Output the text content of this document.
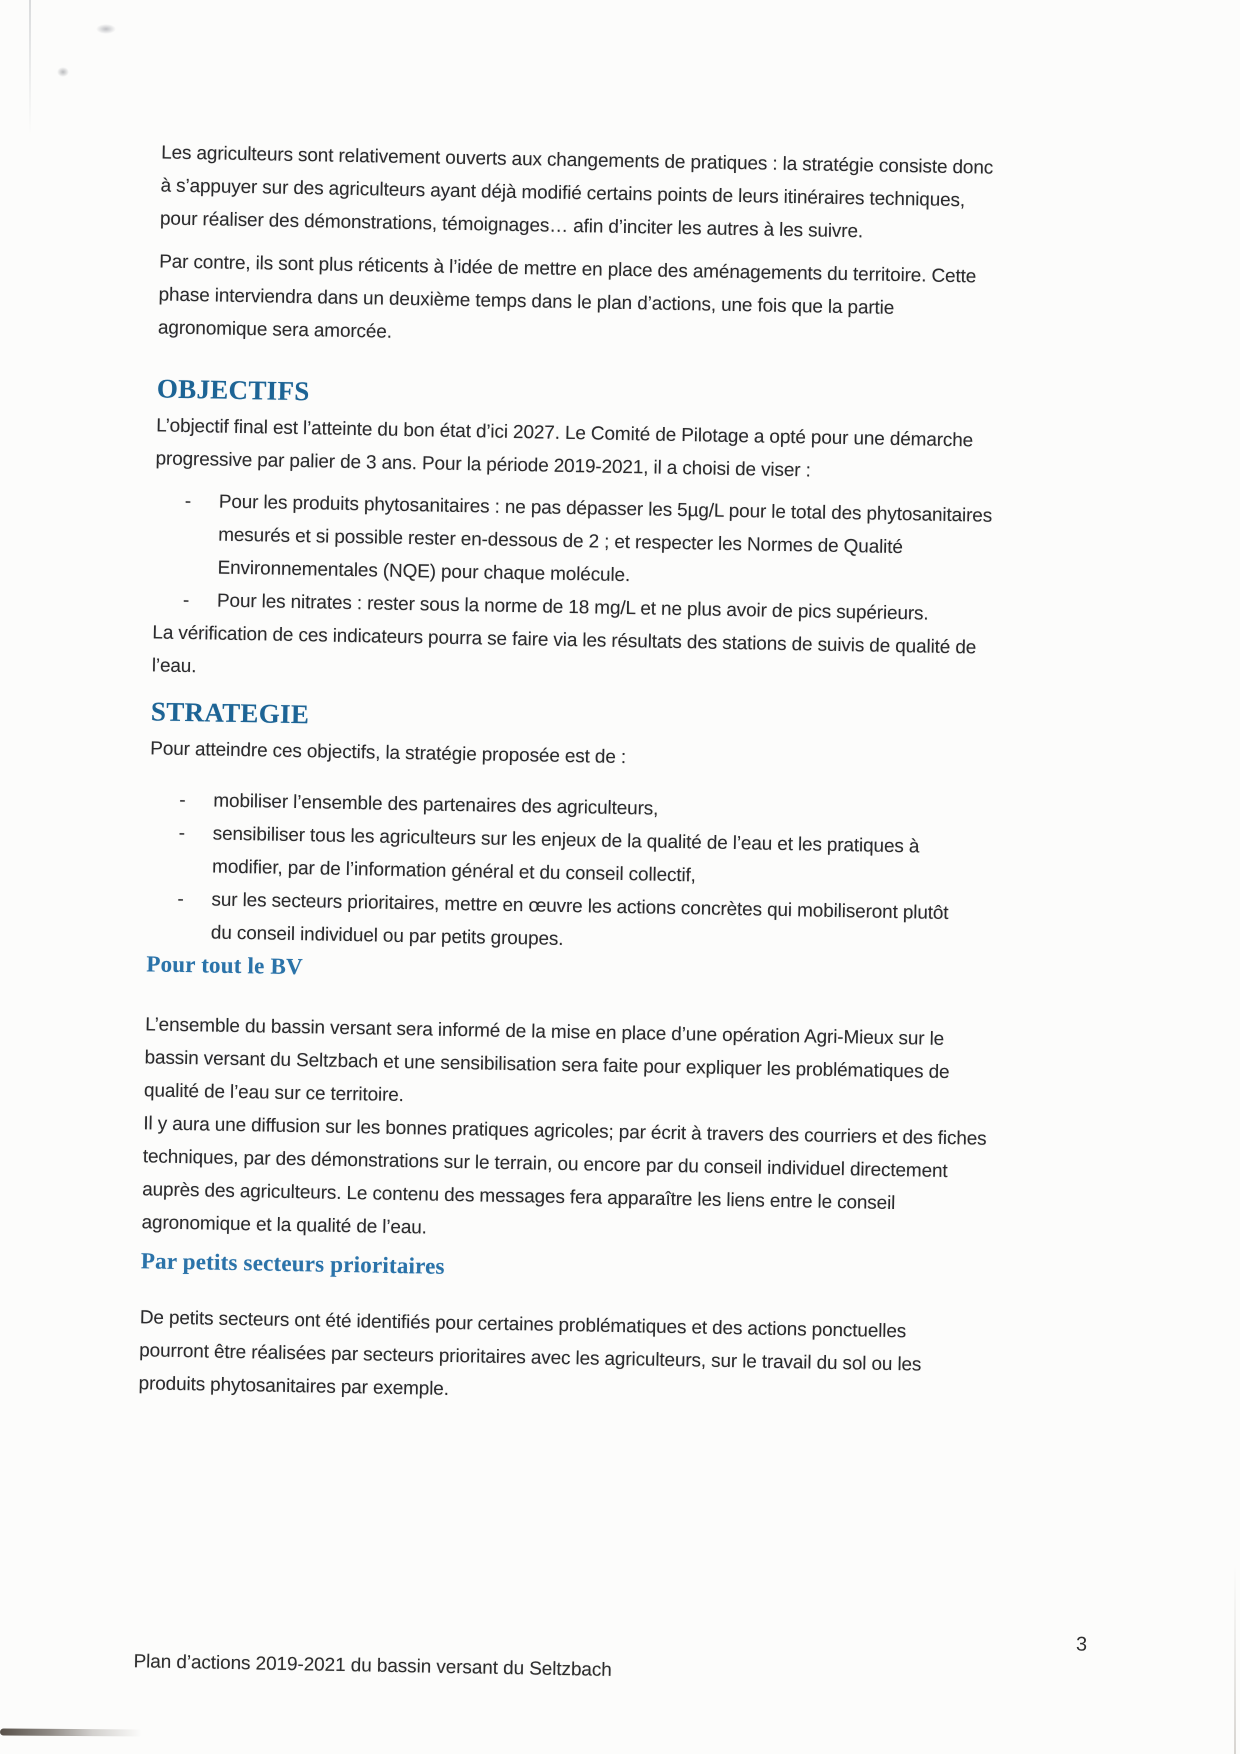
Les agriculteurs sont relativement ouverts aux changements de pratiques : la stratégie consiste donc
à s’appuyer sur des agriculteurs ayant déjà modifié certains points de leurs itinéraires techniques,
pour réaliser des démonstrations, témoignages… afin d’inciter les autres à les suivre.
Par contre, ils sont plus réticents à l’idée de mettre en place des aménagements du territoire. Cette
phase interviendra dans un deuxième temps dans le plan d’actions, une fois que la partie
agronomique sera amorcée.
OBJECTIFS
L’objectif final est l’atteinte du bon état d’ici 2027. Le Comité de Pilotage a opté pour une démarche
progressive par palier de 3 ans. Pour la période 2019-2021, il a choisi de viser :
-	Pour les produits phytosanitaires : ne pas dépasser les 5µg/L pour le total des phytosanitaires
mesurés et si possible rester en-dessous de 2 ; et respecter les Normes de Qualité
Environnementales (NQE) pour chaque molécule.
-	Pour les nitrates : rester sous la norme de 18 mg/L et ne plus avoir de pics supérieurs.
La vérification de ces indicateurs pourra se faire via les résultats des stations de suivis de qualité de
l’eau.
STRATEGIE
Pour atteindre ces objectifs, la stratégie proposée est de :
-	mobiliser l’ensemble des partenaires des agriculteurs,
-	sensibiliser tous les agriculteurs sur les enjeux de la qualité de l’eau et les pratiques à
modifier, par de l’information général et du conseil collectif,
-	sur les secteurs prioritaires, mettre en œuvre les actions concrètes qui mobiliseront plutôt
du conseil individuel ou par petits groupes.
Pour tout le BV
L’ensemble du bassin versant sera informé de la mise en place d’une opération Agri-Mieux sur le
bassin versant du Seltzbach et une sensibilisation sera faite pour expliquer les problématiques de
qualité de l’eau sur ce territoire.
Il y aura une diffusion sur les bonnes pratiques agricoles; par écrit à travers des courriers et des fiches
techniques, par des démonstrations sur le terrain, ou encore par du conseil individuel directement
auprès des agriculteurs. Le contenu des messages fera apparaître les liens entre le conseil
agronomique et la qualité de l’eau.
Par petits secteurs prioritaires
De petits secteurs ont été identifiés pour certaines problématiques et des actions ponctuelles
pourront être réalisées par secteurs prioritaires avec les agriculteurs, sur le travail du sol ou les
produits phytosanitaires par exemple.
Plan d’actions 2019-2021 du bassin versant du Seltzbach
3
